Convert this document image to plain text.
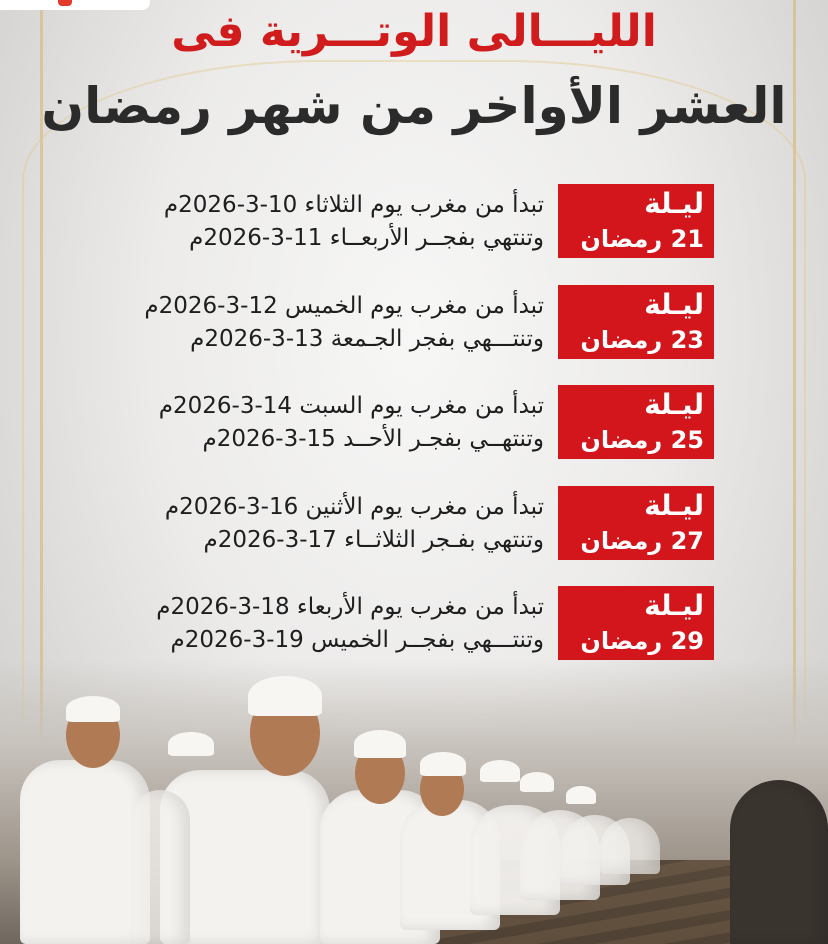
الليـــالى الوتـــرية فى
العشر الأواخر من شهر رمضان
ليـلة
21 رمضان
تبدأ من مغرب يوم الثلاثاء 10-3-2026م
وتنتهي بفجــر الأربعــاء 11-3-2026م
ليـلة
23 رمضان
تبدأ من مغرب يوم الخميس 12-3-2026م
وتنتـــهي بفجر الجـمعة 13-3-2026م
ليـلة
25 رمضان
تبدأ من مغرب يوم السبت 14-3-2026م
وتنتهــي بفجـر الأحــد 15-3-2026م
ليـلة
27 رمضان
تبدأ من مغرب يوم الأثنين 16-3-2026م
وتنتهي بفـجر الثلاثــاء 17-3-2026م
ليـلة
29 رمضان
تبدأ من مغرب يوم الأربعاء 18-3-2026م
وتنتـــهي بفجــر الخميس 19-3-2026م
